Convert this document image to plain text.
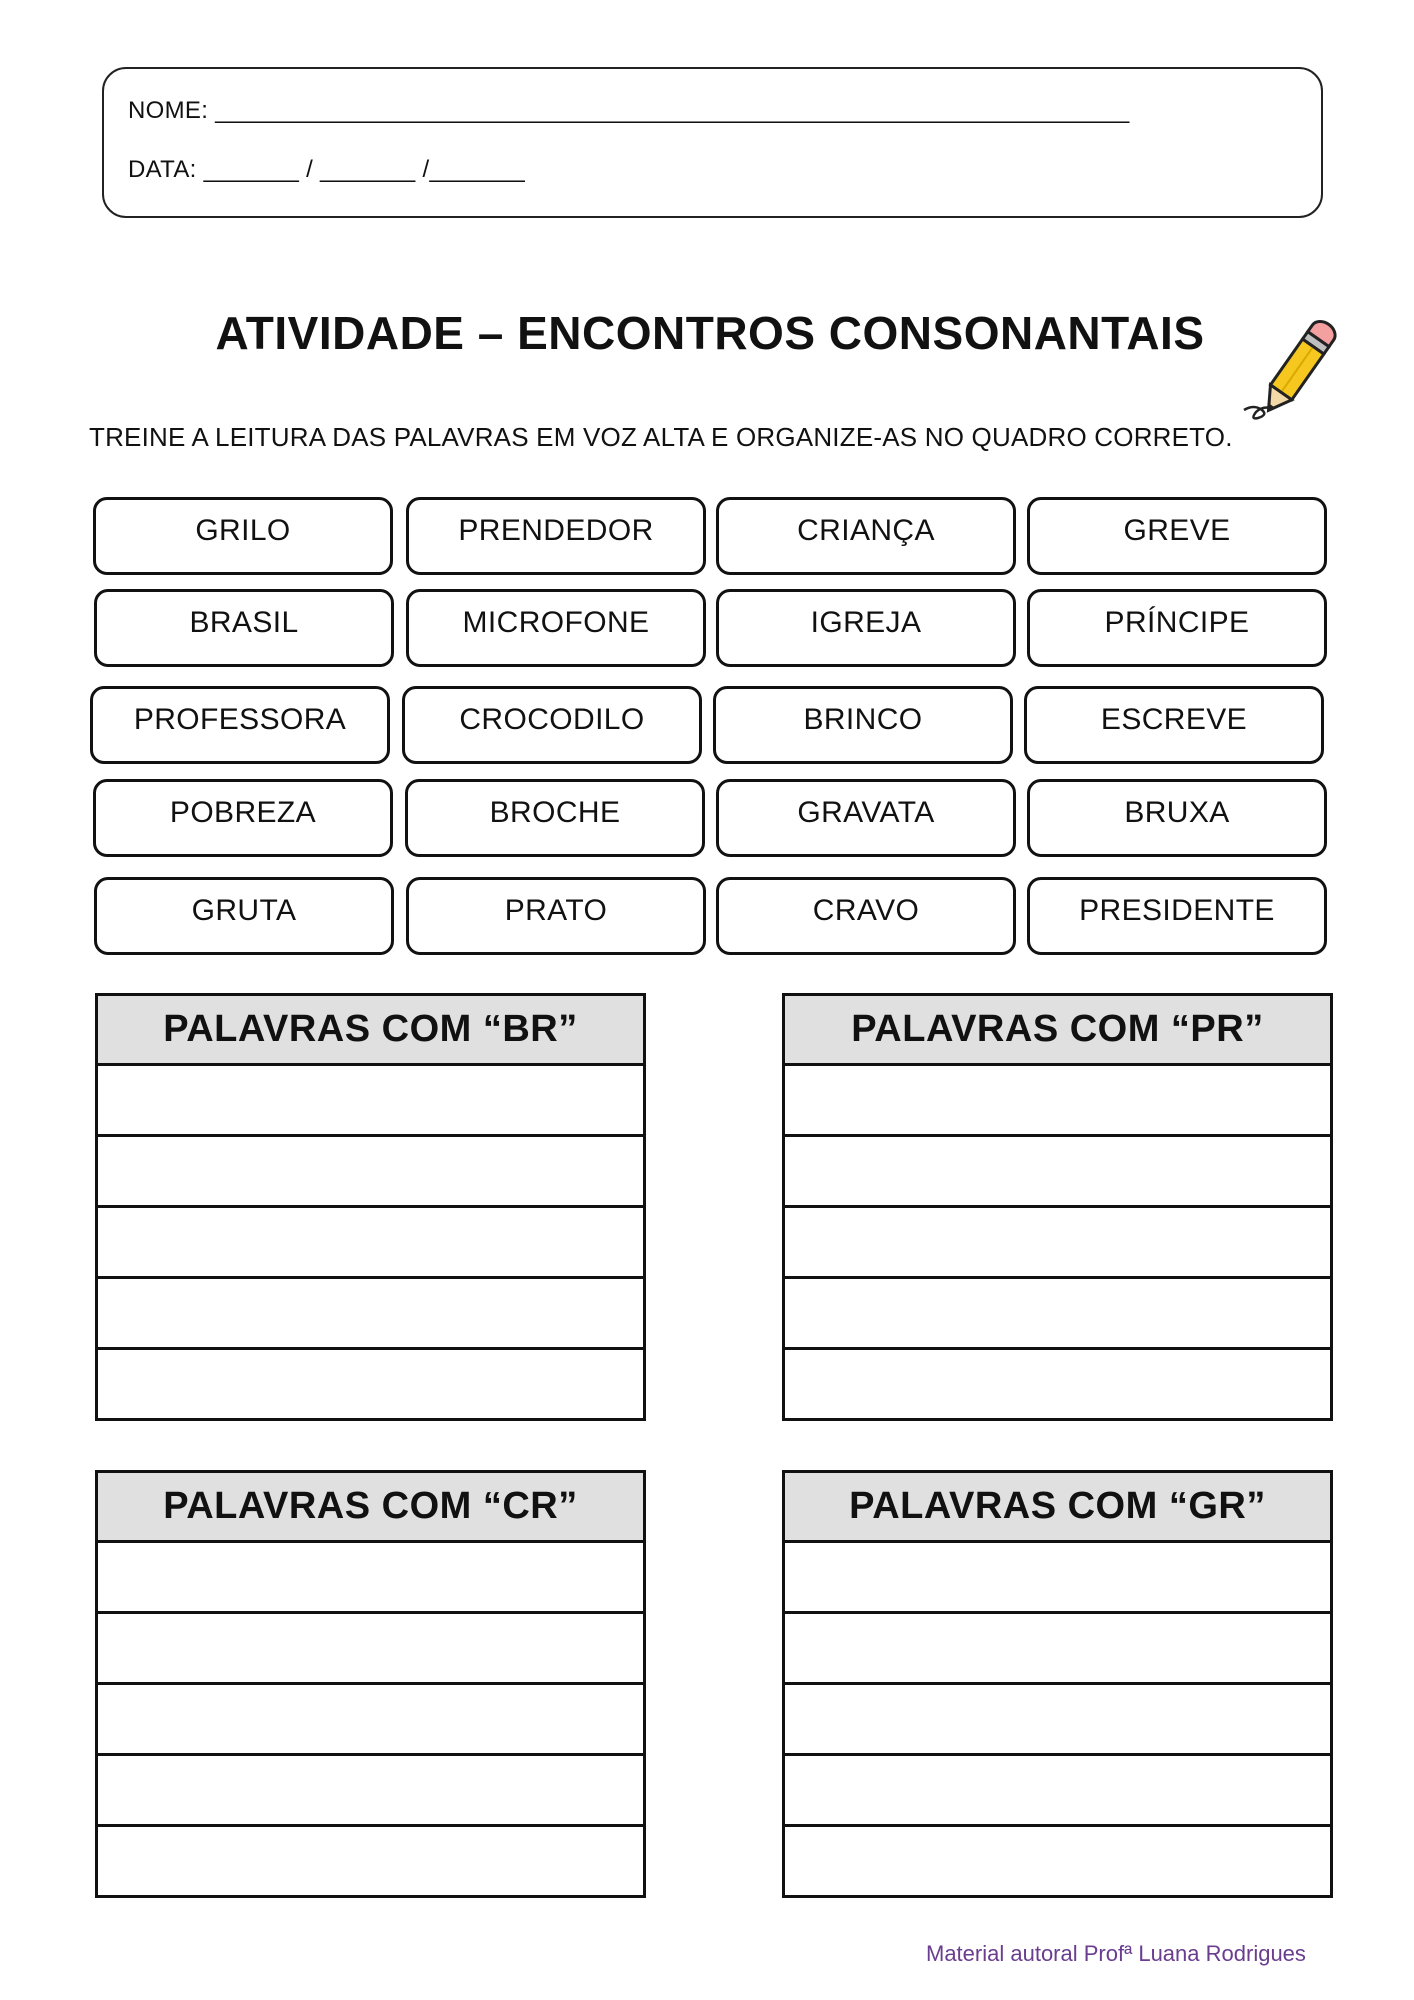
NOME: ___________________________________________________________________
DATA: _______ / _______ /_______
ATIVIDADE – ENCONTROS CONSONANTAIS
TREINE A LEITURA DAS PALAVRAS EM VOZ ALTA E ORGANIZE-AS NO QUADRO CORRETO.
GRILO	PRENDEDOR	CRIANÇA	GREVE
BRASIL	MICROFONE	IGREJA	PRÍNCIPE
PROFESSORA	CROCODILO	BRINCO	ESCREVE
POBREZA	BROCHE	GRAVATA	BRUXA
GRUTA	PRATO	CRAVO	PRESIDENTE
PALAVRAS COM “BR”	PALAVRAS COM “PR”
PALAVRAS COM “CR”	PALAVRAS COM “GR”
Material autoral Profª Luana Rodrigues
